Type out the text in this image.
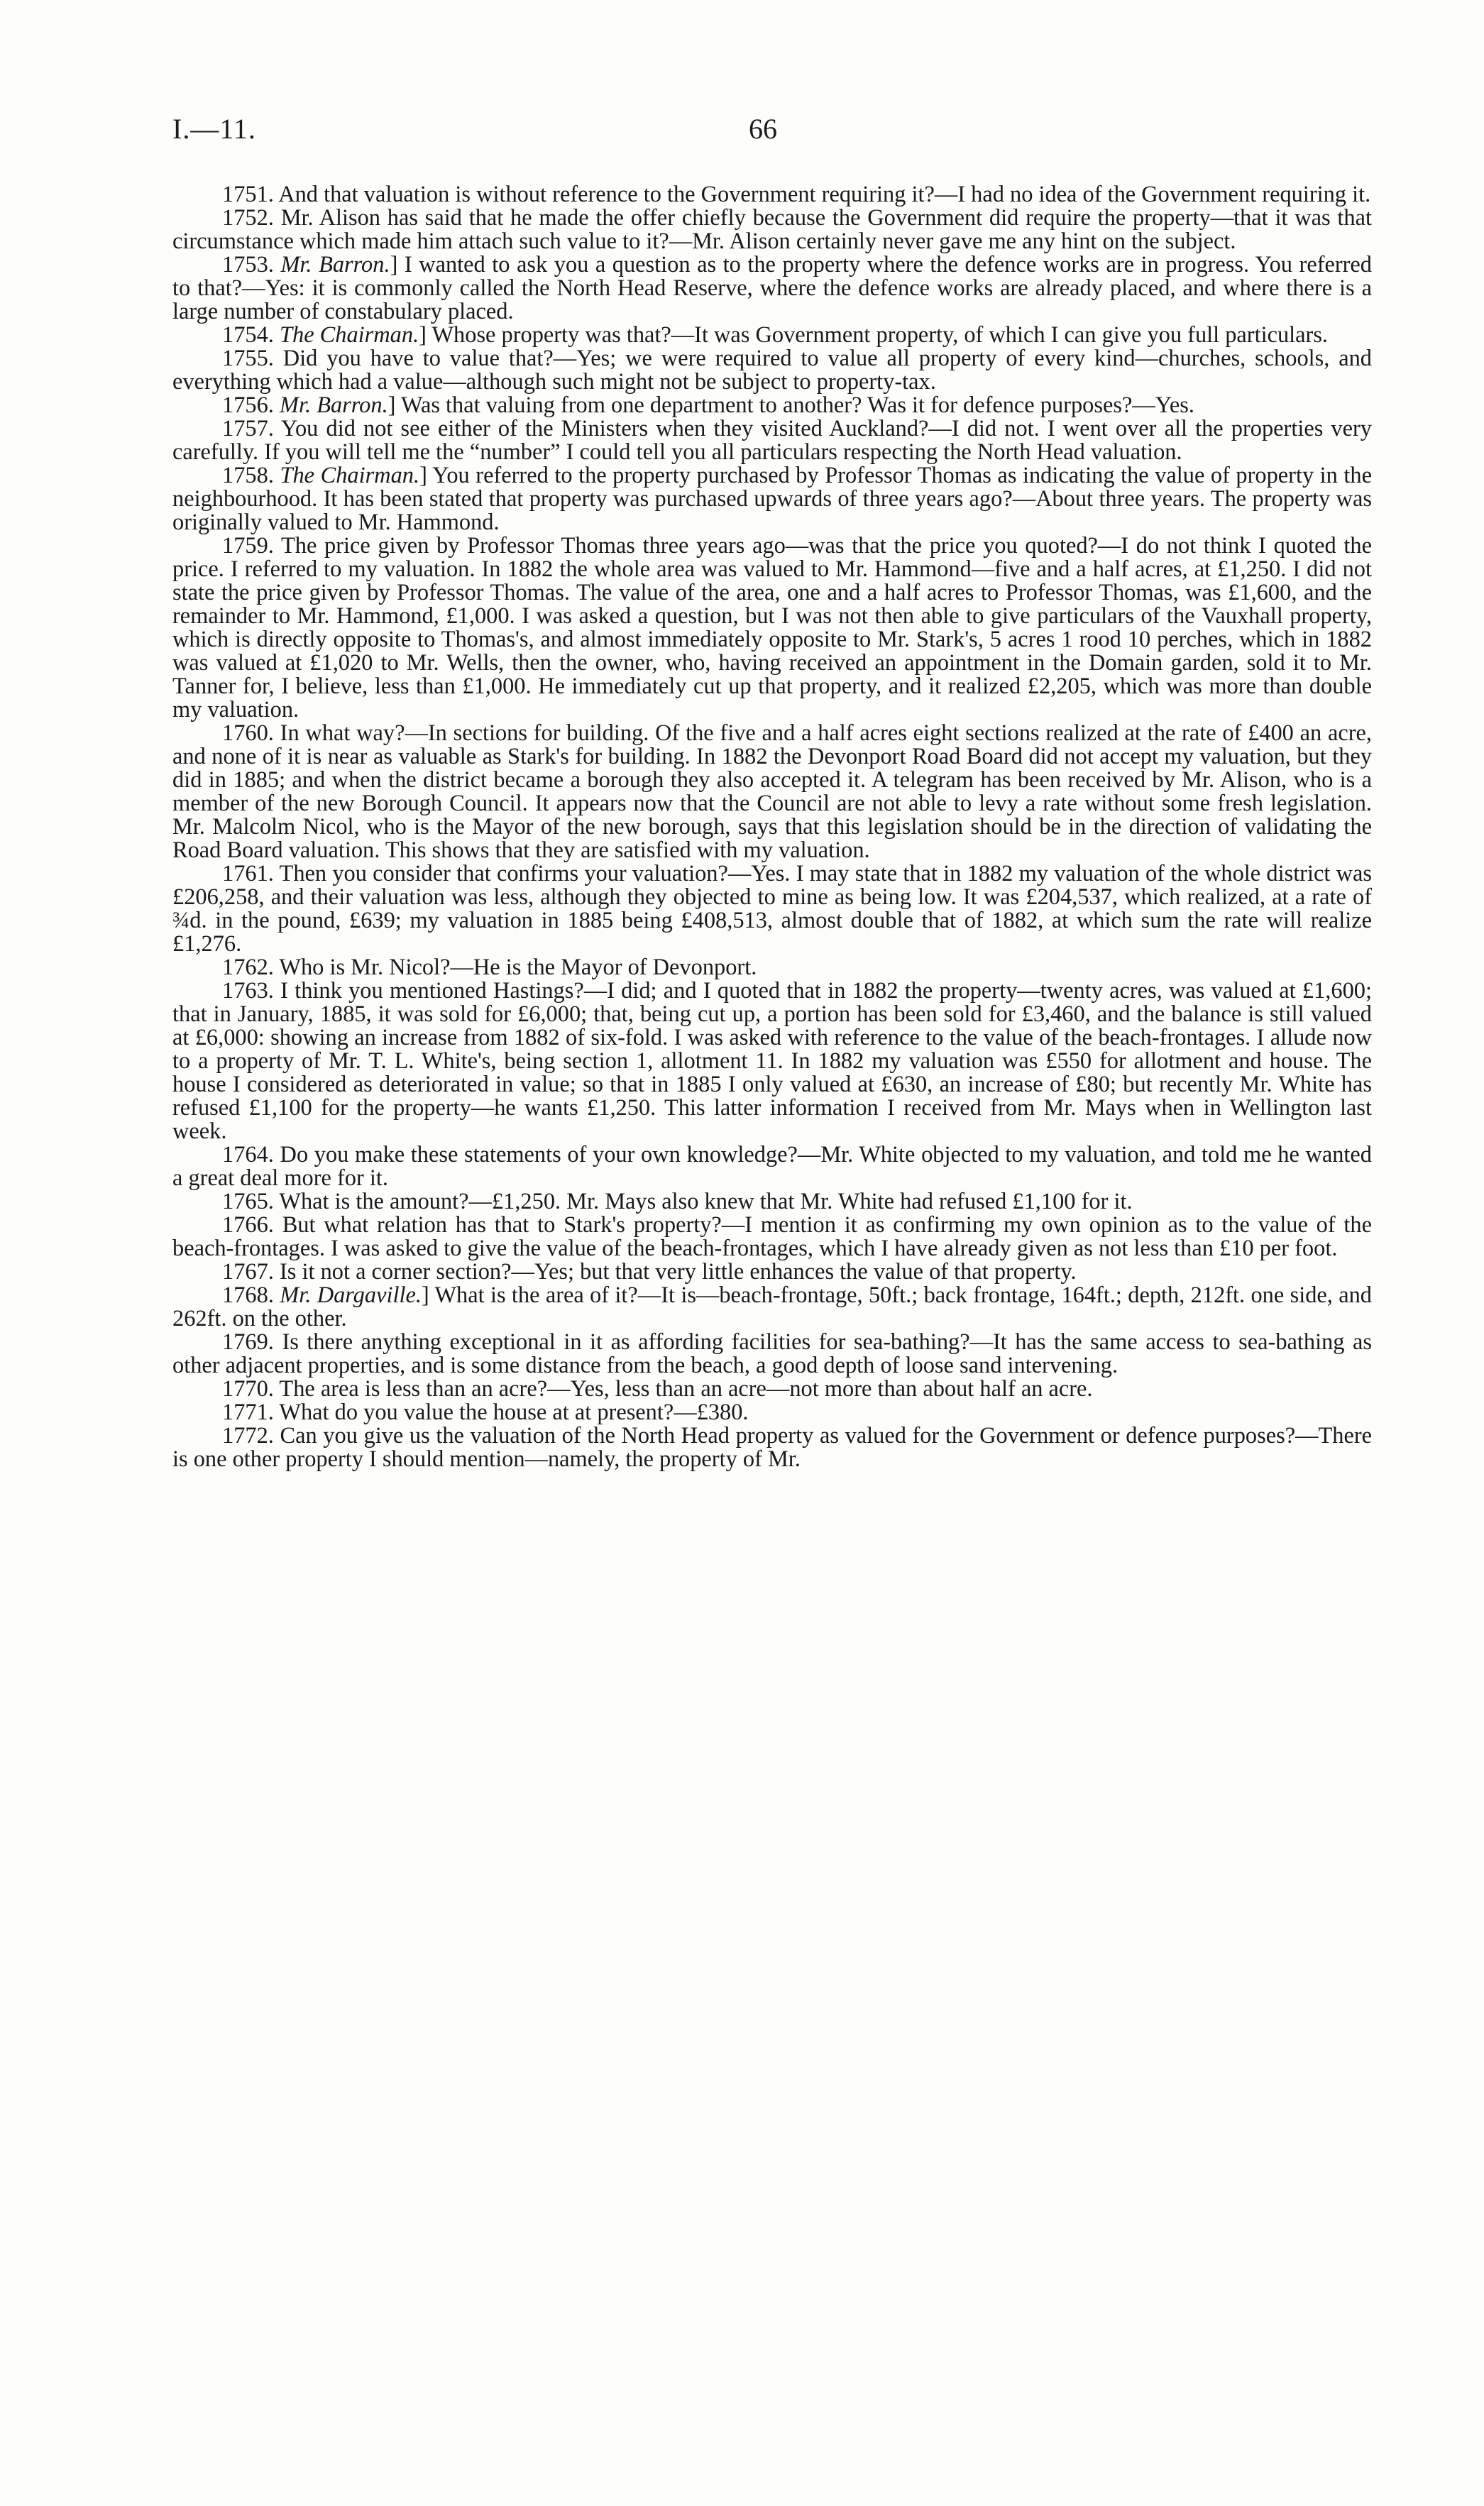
I.—11.	66

1751. And that valuation is without reference to the Government requiring it?—I had no idea of the Government requiring it.

1752. Mr. Alison has said that he made the offer chiefly because the Government did require the property—that it was that circumstance which made him attach such value to it?—Mr. Alison certainly never gave me any hint on the subject.

1753. Mr. Barron.] I wanted to ask you a question as to the property where the defence works are in progress. You referred to that?—Yes: it is commonly called the North Head Reserve, where the defence works are already placed, and where there is a large number of constabulary placed.

1754. The Chairman.] Whose property was that?—It was Government property, of which I can give you full particulars.

1755. Did you have to value that?—Yes; we were required to value all property of every kind—churches, schools, and everything which had a value—although such might not be subject to property-tax.

1756. Mr. Barron.] Was that valuing from one department to another? Was it for defence purposes?—Yes.

1757. You did not see either of the Ministers when they visited Auckland?—I did not. I went over all the properties very carefully. If you will tell me the “number” I could tell you all particulars respecting the North Head valuation.

1758. The Chairman.] You referred to the property purchased by Professor Thomas as indicating the value of property in the neighbourhood. It has been stated that property was purchased upwards of three years ago?—About three years. The property was originally valued to Mr. Hammond.

1759. The price given by Professor Thomas three years ago—was that the price you quoted?—I do not think I quoted the price. I referred to my valuation. In 1882 the whole area was valued to Mr. Hammond—five and a half acres, at £1,250. I did not state the price given by Professor Thomas. The value of the area, one and a half acres to Professor Thomas, was £1,600, and the remainder to Mr. Hammond, £1,000. I was asked a question, but I was not then able to give particulars of the Vauxhall property, which is directly opposite to Thomas's, and almost immediately opposite to Mr. Stark's, 5 acres 1 rood 10 perches, which in 1882 was valued at £1,020 to Mr. Wells, then the owner, who, having received an appointment in the Domain garden, sold it to Mr. Tanner for, I believe, less than £1,000. He immediately cut up that property, and it realized £2,205, which was more than double my valuation.

1760. In what way?—In sections for building. Of the five and a half acres eight sections realized at the rate of £400 an acre, and none of it is near as valuable as Stark's for building. In 1882 the Devonport Road Board did not accept my valuation, but they did in 1885; and when the district became a borough they also accepted it. A telegram has been received by Mr. Alison, who is a member of the new Borough Council. It appears now that the Council are not able to levy a rate without some fresh legislation. Mr. Malcolm Nicol, who is the Mayor of the new borough, says that this legislation should be in the direction of validating the Road Board valuation. This shows that they are satisfied with my valuation.

1761. Then you consider that confirms your valuation?—Yes. I may state that in 1882 my valuation of the whole district was £206,258, and their valuation was less, although they objected to mine as being low. It was £204,537, which realized, at a rate of ¾d. in the pound, £639; my valuation in 1885 being £408,513, almost double that of 1882, at which sum the rate will realize £1,276.

1762. Who is Mr. Nicol?—He is the Mayor of Devonport.

1763. I think you mentioned Hastings?—I did; and I quoted that in 1882 the property—twenty acres, was valued at £1,600; that in January, 1885, it was sold for £6,000; that, being cut up, a portion has been sold for £3,460, and the balance is still valued at £6,000: showing an increase from 1882 of six-fold. I was asked with reference to the value of the beach-frontages. I allude now to a property of Mr. T. L. White's, being section 1, allotment 11. In 1882 my valuation was £550 for allotment and house. The house I considered as deteriorated in value; so that in 1885 I only valued at £630, an increase of £80; but recently Mr. White has refused £1,100 for the property—he wants £1,250. This latter information I received from Mr. Mays when in Wellington last week.

1764. Do you make these statements of your own knowledge?—Mr. White objected to my valuation, and told me he wanted a great deal more for it.

1765. What is the amount?—£1,250. Mr. Mays also knew that Mr. White had refused £1,100 for it.

1766. But what relation has that to Stark's property?—I mention it as confirming my own opinion as to the value of the beach-frontages. I was asked to give the value of the beach-frontages, which I have already given as not less than £10 per foot.

1767. Is it not a corner section?—Yes; but that very little enhances the value of that property.

1768. Mr. Dargaville.] What is the area of it?—It is—beach-frontage, 50ft.; back frontage, 164ft.; depth, 212ft. one side, and 262ft. on the other.

1769. Is there anything exceptional in it as affording facilities for sea-bathing?—It has the same access to sea-bathing as other adjacent properties, and is some distance from the beach, a good depth of loose sand intervening.

1770. The area is less than an acre?—Yes, less than an acre—not more than about half an acre.

1771. What do you value the house at at present?—£380.

1772. Can you give us the valuation of the North Head property as valued for the Government or defence purposes?—There is one other property I should mention—namely, the property of Mr.
